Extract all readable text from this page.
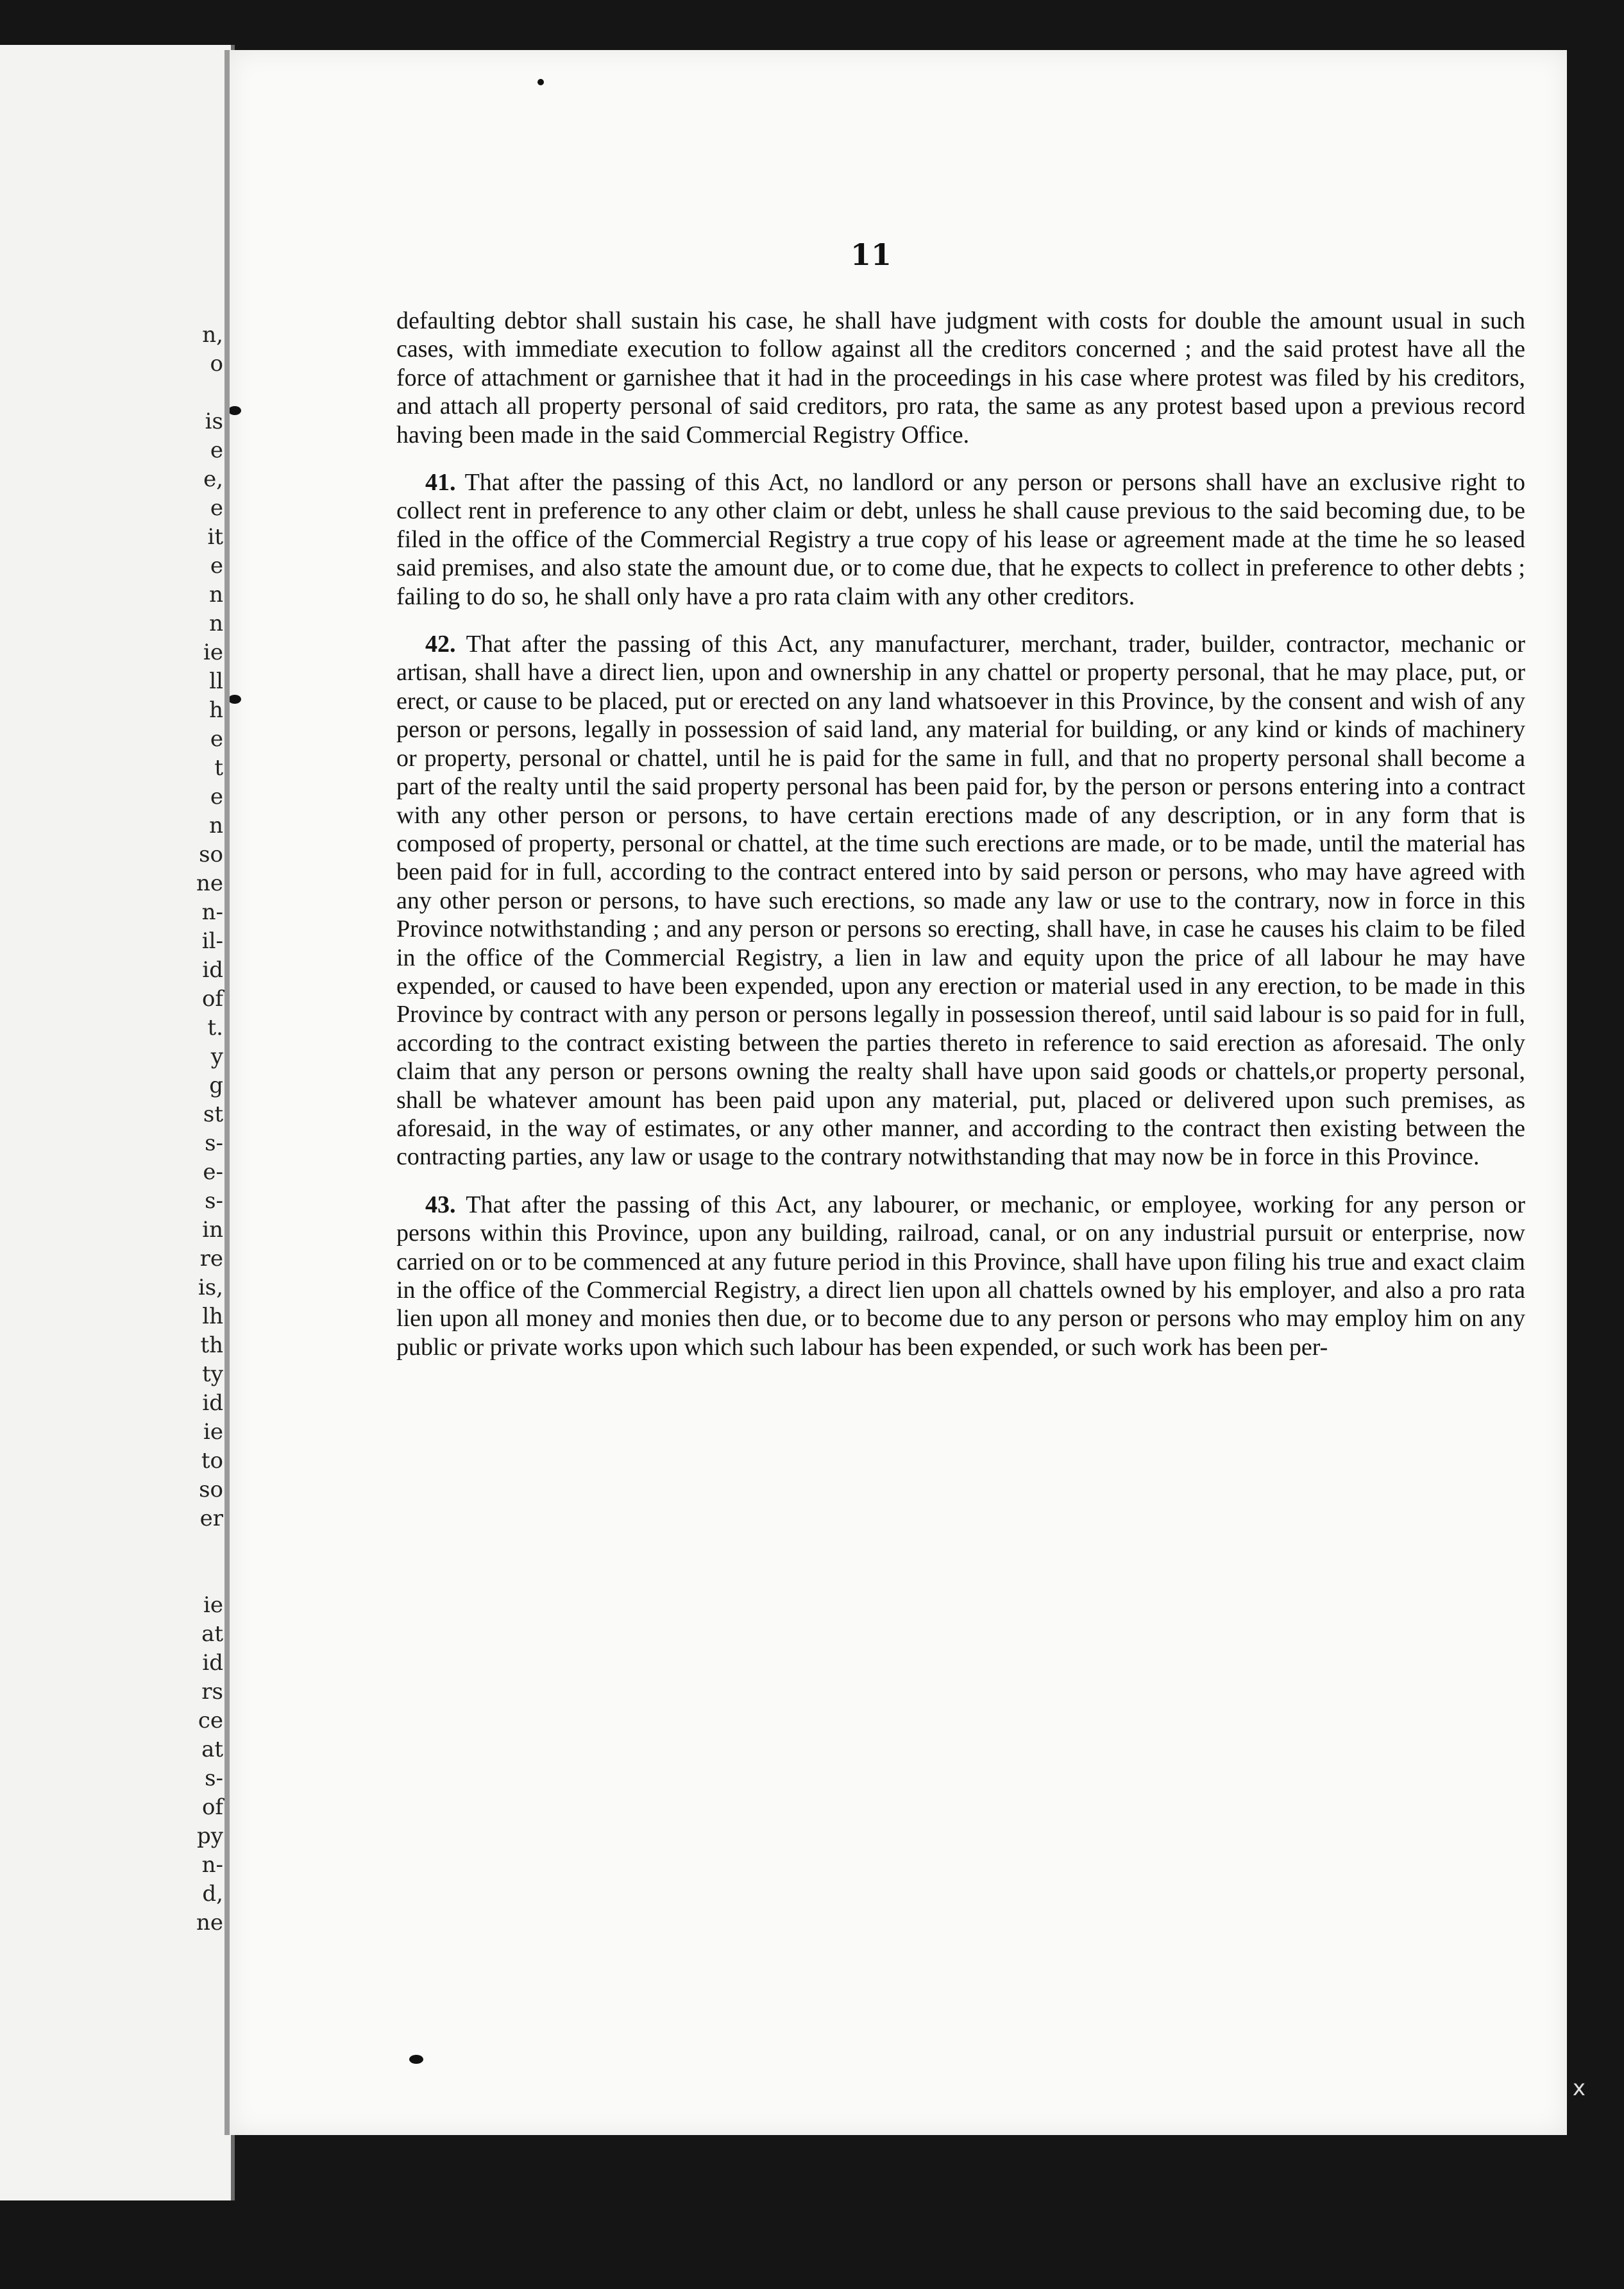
n,
o

is
e
e,
e
it
e
n
n
ie
ll
h
e
t
e
n
so
ne
n-
il-
id
of
t.
y
g
st
s-
e-
s-
in
re
is,
lh
th
ty
id
ie
to
so
er

ie
at
id
rs
ce
at
s-
of
py
n-
d,
ne
11

defaulting debtor shall sustain his case, he shall have judgment with costs for double the amount usual in such cases, with immediate execution to follow against all the creditors concerned ; and the said protest have all the force of attachment or garnishee that it had in the proceedings in his case where protest was filed by his creditors, and attach all property personal of said creditors, pro rata, the same as any protest based upon a previous record having been made in the said Commercial Registry Office.

41. That after the passing of this Act, no landlord or any person or persons shall have an exclusive right to collect rent in preference to any other claim or debt, unless he shall cause previous to the said becoming due, to be filed in the office of the Commercial Registry a true copy of his lease or agreement made at the time he so leased said premises, and also state the amount due, or to come due, that he expects to collect in preference to other debts ; failing to do so, he shall only have a pro rata claim with any other creditors.

42. That after the passing of this Act, any manufacturer, merchant, trader, builder, contractor, mechanic or artisan, shall have a direct lien, upon and ownership in any chattel or property personal, that he may place, put, or erect, or cause to be placed, put or erected on any land whatsoever in this Province, by the consent and wish of any person or persons, legally in possession of said land, any material for building, or any kind or kinds of machinery or property, personal or chattel, until he is paid for the same in full, and that no property personal shall become a part of the realty until the said property personal has been paid for, by the person or persons entering into a contract with any other person or persons, to have certain erections made of any description, or in any form that is composed of property, personal or chattel, at the time such erections are made, or to be made, until the material has been paid for in full, according to the contract entered into by said person or persons, who may have agreed with any other person or persons, to have such erections, so made any law or use to the contrary, now in force in this Province notwithstanding ; and any person or persons so erecting, shall have, in case he causes his claim to be filed in the office of the Commercial Registry, a lien in law and equity upon the price of all labour he may have expended, or caused to have been expended, upon any erection or material used in any erection, to be made in this Province by contract with any person or persons legally in possession thereof, until said labour is so paid for in full, according to the contract existing between the parties thereto in reference to said erection as aforesaid. The only claim that any person or persons owning the realty shall have upon said goods or chattels,or property personal, shall be whatever amount has been paid upon any material, put, placed or delivered upon such premises, as aforesaid, in the way of estimates, or any other manner, and according to the contract then existing between the contracting parties, any law or usage to the contrary notwithstanding that may now be in force in this Province.

43. That after the passing of this Act, any labourer, or mechanic, or employee, working for any person or persons within this Province, upon any building, railroad, canal, or on any industrial pursuit or enterprise, now carried on or to be commenced at any future period in this Province, shall have upon filing his true and exact claim in the office of the Commercial Registry, a direct lien upon all chattels owned by his employer, and also a pro rata lien upon all money and monies then due, or to become due to any person or persons who may employ him on any public or private works upon which such labour has been expended, or such work has been per-

x
